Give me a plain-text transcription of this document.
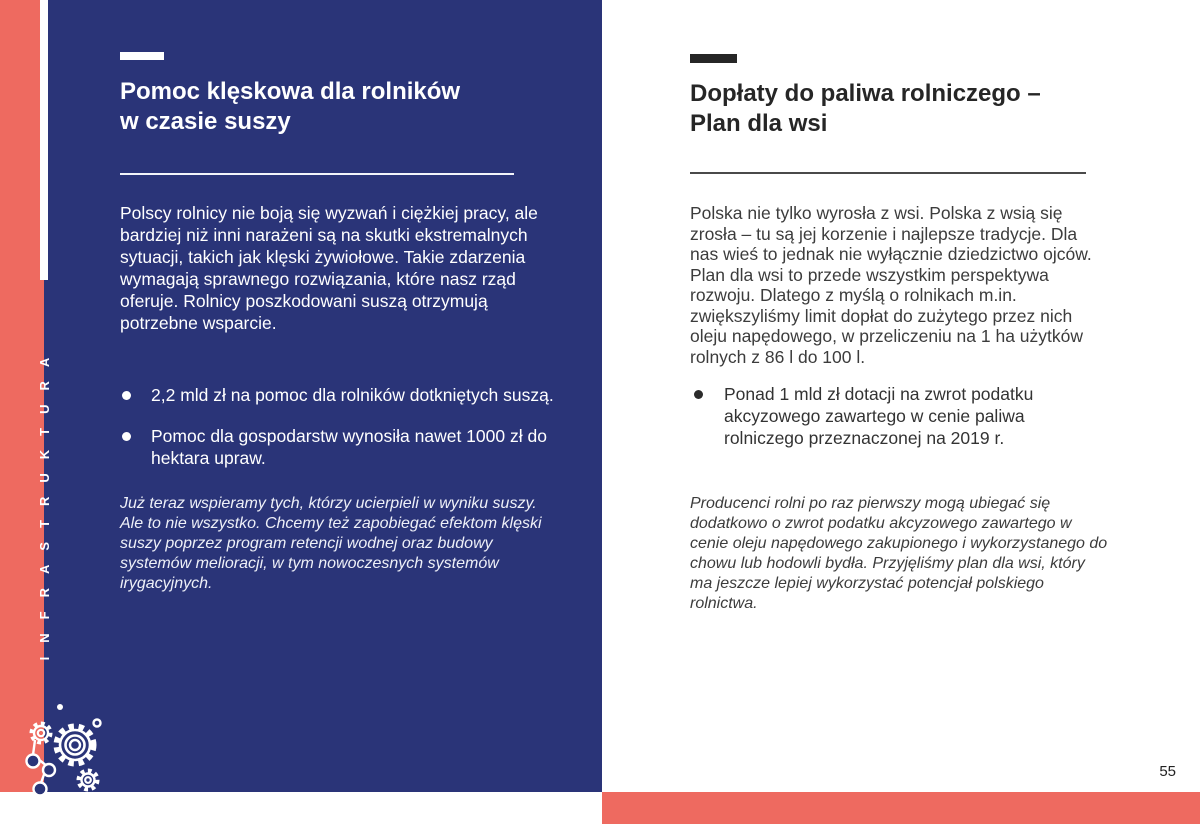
INFRASTRUKTURA
Pomoc klęskowa dla rolników
w czasie suszy

Polscy rolnicy nie boją się wyzwań i ciężkiej pracy, ale bardziej niż inni narażeni są na skutki ekstremalnych sytuacji, takich jak klęski żywiołowe. Takie zdarzenia wymagają sprawnego rozwiązania, które nasz rząd oferuje. Rolnicy poszkodowani suszą otrzymują potrzebne wsparcie.

2,2 mld zł na pomoc dla rolników dotkniętych suszą.
Pomoc dla gospodarstw wynosiła nawet 1000 zł do hektara upraw.

Już teraz wspieramy tych, którzy ucierpieli w wyniku suszy. Ale to nie wszystko. Chcemy też zapobiegać efektom klęski suszy poprzez program retencji wodnej oraz budowy systemów melioracji, w tym nowoczesnych systemów irygacyjnych.

Dopłaty do paliwa rolniczego –
Plan dla wsi

Polska nie tylko wyrosła z wsi. Polska z wsią się zrosła – tu są jej korzenie i najlepsze tradycje. Dla nas wieś to jednak nie wyłącznie dziedzictwo ojców. Plan dla wsi to przede wszystkim perspektywa rozwoju. Dlatego z myślą o rolnikach m.in. zwiększyliśmy limit dopłat do zużytego przez nich oleju napędowego, w przeliczeniu na 1 ha użytków rolnych z 86 l do 100 l.

Ponad 1 mld zł dotacji na zwrot podatku akcyzowego zawartego w cenie paliwa rolniczego przeznaczonej na 2019 r.

Producenci rolni po raz pierwszy mogą ubiegać się dodatkowo o zwrot podatku akcyzowego zawartego w cenie oleju napędowego zakupionego i wykorzystanego do chowu lub hodowli bydła. Przyjęliśmy plan dla wsi, który ma jeszcze lepiej wykorzystać potencjał polskiego rolnictwa.

55
